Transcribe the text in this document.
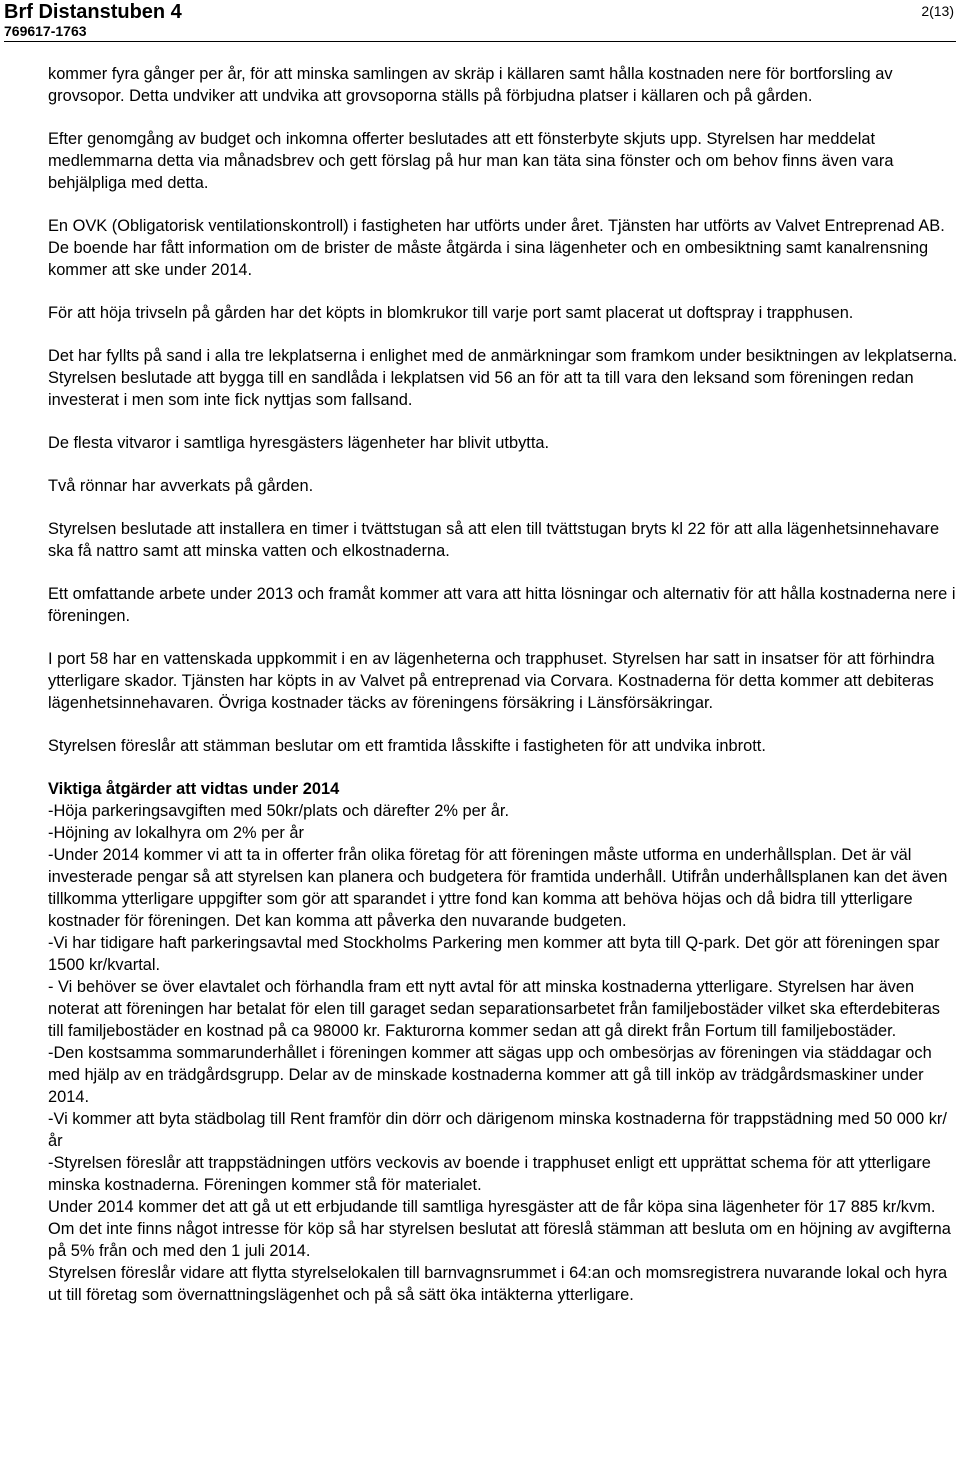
Brf Distanstuben 4
769617-1763
2(13)

kommer fyra gånger per år, för att minska samlingen av skräp i källaren samt hålla kostnaden nere för bortforsling av grovsopor. Detta undviker att undvika att grovsoporna ställs på förbjudna platser i källaren och på gården.

Efter genomgång av budget och inkomna offerter beslutades att ett fönsterbyte skjuts upp. Styrelsen har meddelat medlemmarna detta via månadsbrev och gett förslag på hur man kan täta sina fönster och om behov finns även vara behjälpliga med detta.

En OVK (Obligatorisk ventilationskontroll) i fastigheten har utförts under året. Tjänsten har utförts av Valvet Entreprenad AB. De boende har fått information om de brister de måste åtgärda i sina lägenheter och en ombesiktning samt kanalrensning kommer att ske under 2014.

För att höja trivseln på gården har det köpts in blomkrukor till varje port samt placerat ut doftspray i trapphusen.

Det har fyllts på sand i alla tre lekplatserna i enlighet med de anmärkningar som framkom under besiktningen av lekplatserna. Styrelsen beslutade att bygga till en sandlåda i lekplatsen vid 56 an för att ta till vara den leksand som föreningen redan investerat i men som inte fick nyttjas som fallsand.

De flesta vitvaror i samtliga hyresgästers lägenheter har blivit utbytta.

Två rönnar har avverkats på gården.

Styrelsen beslutade att installera en timer i tvättstugan så att elen till tvättstugan bryts kl 22 för att alla lägenhetsinnehavare ska få nattro samt att minska vatten och elkostnaderna.

Ett omfattande arbete under 2013 och framåt kommer att vara att hitta lösningar och alternativ för att hålla kostnaderna nere i föreningen.

I port 58 har en vattenskada uppkommit i en av lägenheterna och trapphuset. Styrelsen har satt in insatser för att förhindra ytterligare skador. Tjänsten har köpts in av Valvet på entreprenad via Corvara. Kostnaderna för detta kommer att debiteras lägenhetsinnehavaren. Övriga kostnader täcks av föreningens försäkring i Länsförsäkringar.

Styrelsen föreslår att stämman beslutar om ett framtida låsskifte i fastigheten för att undvika inbrott.

Viktiga åtgärder att vidtas under 2014
-Höja parkeringsavgiften med 50kr/plats och därefter 2% per år.
-Höjning av lokalhyra om 2% per år
-Under 2014 kommer vi att ta in offerter från olika företag för att föreningen måste utforma en underhållsplan. Det är väl investerade pengar så att styrelsen kan planera och budgetera för framtida underhåll. Utifrån underhållsplanen kan det även tillkomma ytterligare uppgifter som gör att sparandet i yttre fond kan komma att behöva höjas och då bidra till ytterligare kostnader för föreningen. Det kan komma att påverka den nuvarande budgeten.
-Vi har tidigare haft parkeringsavtal med Stockholms Parkering men kommer att byta till Q-park. Det gör att föreningen spar 1500 kr/kvartal.
- Vi behöver se över elavtalet och förhandla fram ett nytt avtal för att minska kostnaderna ytterligare. Styrelsen har även noterat att föreningen har betalat för elen till garaget sedan separationsarbetet från familjebostäder vilket ska efterdebiteras till familjebostäder en kostnad på ca 98000 kr. Fakturorna kommer sedan att gå direkt från Fortum till familjebostäder.
-Den kostsamma sommarunderhållet i föreningen kommer att sägas upp och ombesörjas av föreningen via städdagar och med hjälp av en trädgårdsgrupp. Delar av de minskade kostnaderna kommer att gå till inköp av trädgårdsmaskiner under 2014.
-Vi kommer att byta städbolag till Rent framför din dörr och därigenom minska kostnaderna för trappstädning med 50 000 kr/år
-Styrelsen föreslår att trappstädningen utförs veckovis av boende i trapphuset enligt ett upprättat schema för att ytterligare minska kostnaderna. Föreningen kommer stå för materialet.
Under 2014 kommer det att gå ut ett erbjudande till samtliga hyresgäster att de får köpa sina lägenheter för 17 885 kr/kvm. Om det inte finns något intresse för köp så har styrelsen beslutat att föreslå stämman att besluta om en höjning av avgifterna på 5% från och med den 1 juli 2014.
Styrelsen föreslår vidare att flytta styrelselokalen till barnvagnsrummet i 64:an och momsregistrera nuvarande lokal och hyra ut till företag som övernattningslägenhet och på så sätt öka intäkterna ytterligare.
